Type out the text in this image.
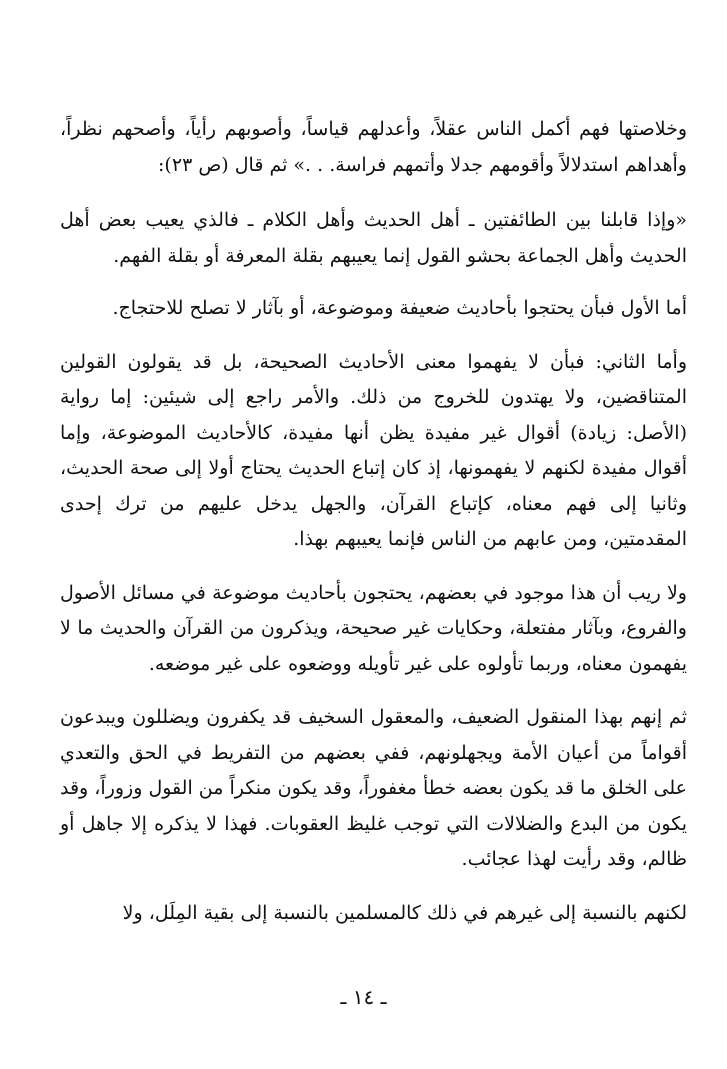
وخلاصتها فهم أكمل الناس عقلاً، وأعدلهم قياساً، وأصوبهم رأياً، وأصحهم نظراً، وأهداهم استدلالاً وأقومهم جدلا وأتمهم فراسة. . .» ثم قال (ص ٢٣):

«وإذا قابلنا بين الطائفتين ـ أهل الحديث وأهل الكلام ـ فالذي يعيب بعض أهل الحديث وأهل الجماعة بحشو القول إنما يعيبهم بقلة المعرفة أو بقلة الفهم.

أما الأول فبأن يحتجوا بأحاديث ضعيفة وموضوعة، أو بآثار لا تصلح للاحتجاج.

وأما الثاني: فبأن لا يفهموا معنى الأحاديث الصحيحة، بل قد يقولون القولين المتناقضين، ولا يهتدون للخروج من ذلك. والأمر راجع إلى شيئين: إما رواية (الأصل: زيادة) أقوال غير مفيدة يظن أنها مفيدة، كالأحاديث الموضوعة، وإما أقوال مفيدة لكنهم لا يفهمونها، إذ كان إتباع الحديث يحتاج أولا إلى صحة الحديث، وثانيا إلى فهم معناه، كإتباع القرآن، والجهل يدخل عليهم من ترك إحدى المقدمتين، ومن عابهم من الناس فإنما يعيبهم بهذا.

ولا ريب أن هذا موجود في بعضهم، يحتجون بأحاديث موضوعة في مسائل الأصول والفروع، وبآثار مفتعلة، وحكايات غير صحيحة، ويذكرون من القرآن والحديث ما لا يفهمون معناه، وربما تأولوه على غير تأويله ووضعوه على غير موضعه.

ثم إنهم بهذا المنقول الضعيف، والمعقول السخيف قد يكفرون ويضللون ويبدعون أقواماً من أعيان الأمة ويجهلونهم، ففي بعضهم من التفريط في الحق والتعدي على الخلق ما قد يكون بعضه خطأ مغفوراً، وقد يكون منكراً من القول وزوراً، وقد يكون من البدع والضلالات التي توجب غليظ العقوبات. فهذا لا يذكره إلا جاهل أو ظالم، وقد رأيت لهذا عجائب.

لكنهم بالنسبة إلى غيرهم في ذلك كالمسلمين بالنسبة إلى بقية المِلَل، ولا

ـ ١٤ ـ
